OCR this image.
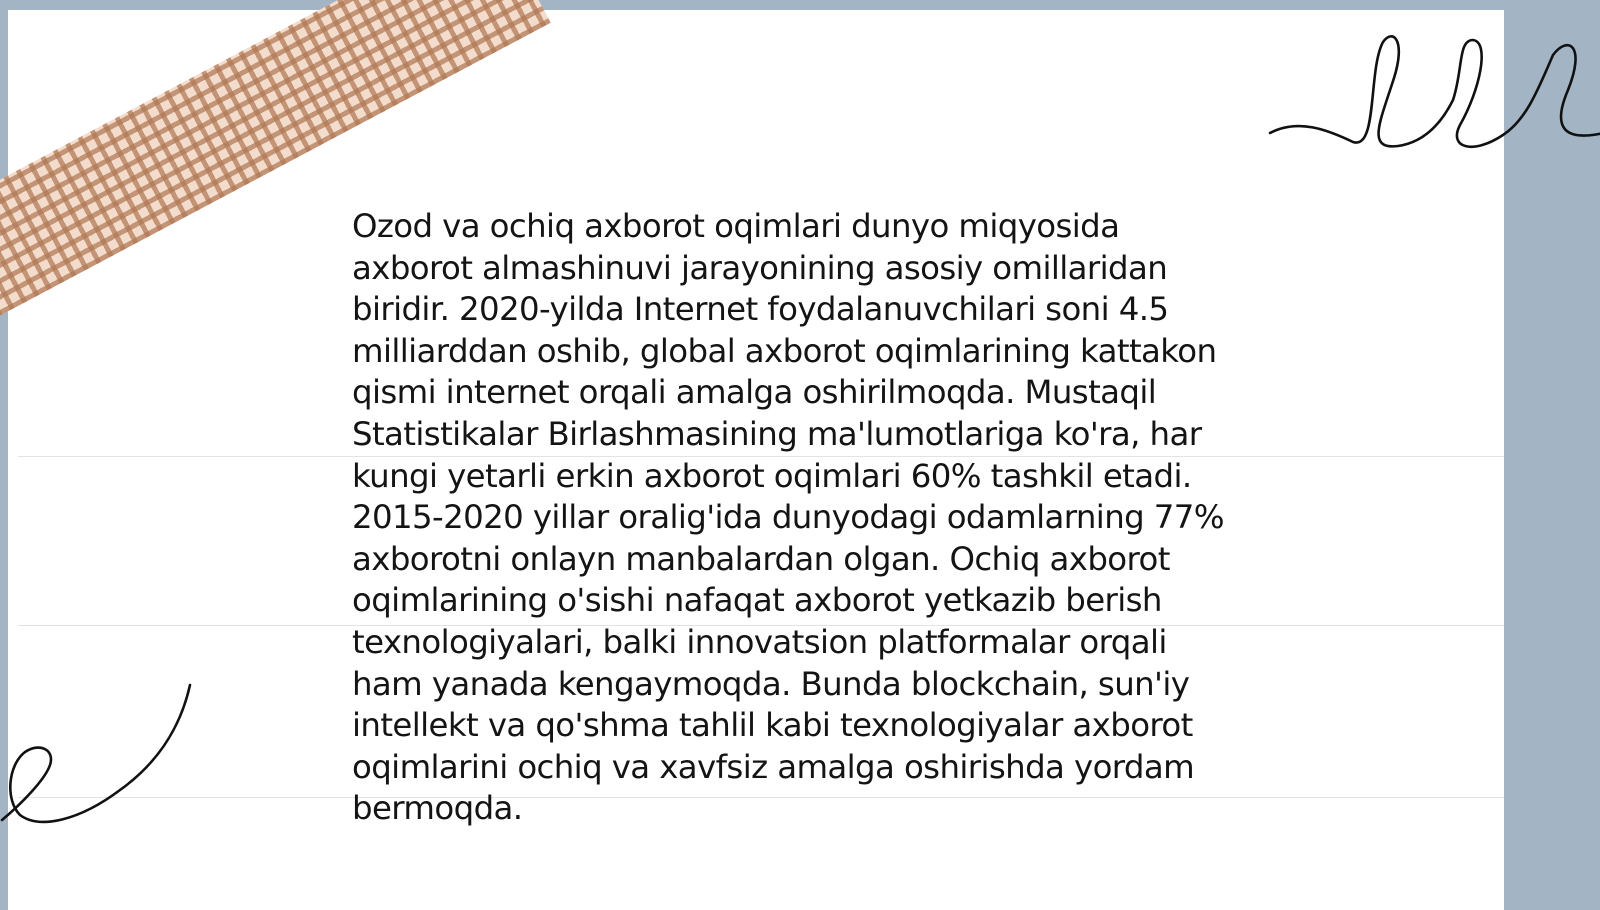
Ozod va ochiq axborot oqimlari dunyo miqyosida axborot almashinuvi jarayonining asosiy omillaridan biridir. 2020-yilda Internet foydalanuvchilari soni 4.5 milliarddan oshib, global axborot oqimlarining kattakon qismi internet orqali amalga oshirilmoqda. Mustaqil Statistikalar Birlashmasining ma'lumotlariga ko'ra, har kungi yetarli erkin axborot oqimlari 60% tashkil etadi. 2015-2020 yillar oralig'ida dunyodagi odamlarning 77% axborotni onlayn manbalardan olgan. Ochiq axborot oqimlarining o'sishi nafaqat axborot yetkazib berish texnologiyalari, balki innovatsion platformalar orqali ham yanada kengaymoqda. Bunda blockchain, sun'iy intellekt va qo'shma tahlil kabi texnologiyalar axborot oqimlarini ochiq va xavfsiz amalga oshirishda yordam bermoqda.
